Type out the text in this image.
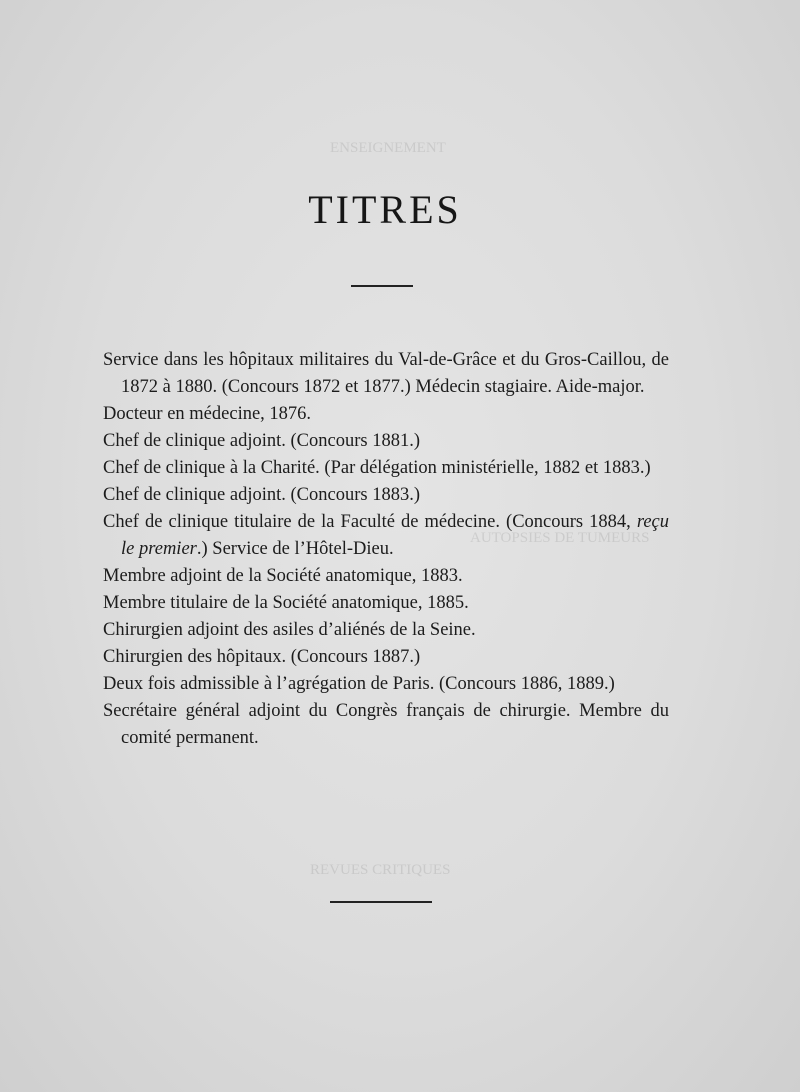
ENSEIGNEMENT
AUTOPSIES DE TUMEURS
REVUES CRITIQUES
TITRES
Service dans les hôpitaux militaires du Val-de-Grâce et du Gros-Caillou, de 1872 à 1880. (Concours 1872 et 1877.) Médecin stagiaire. Aide-major.
Docteur en médecine, 1876.
Chef de clinique adjoint. (Concours 1881.)
Chef de clinique à la Charité. (Par délégation ministérielle, 1882 et 1883.)
Chef de clinique adjoint. (Concours 1883.)
Chef de clinique titulaire de la Faculté de médecine. (Concours 1884, reçu le premier.) Service de l’Hôtel-Dieu.
Membre adjoint de la Société anatomique, 1883.
Membre titulaire de la Société anatomique, 1885.
Chirurgien adjoint des asiles d’aliénés de la Seine.
Chirurgien des hôpitaux. (Concours 1887.)
Deux fois admissible à l’agrégation de Paris. (Concours 1886, 1889.)
Secrétaire général adjoint du Congrès français de chirurgie. Membre du comité permanent.
